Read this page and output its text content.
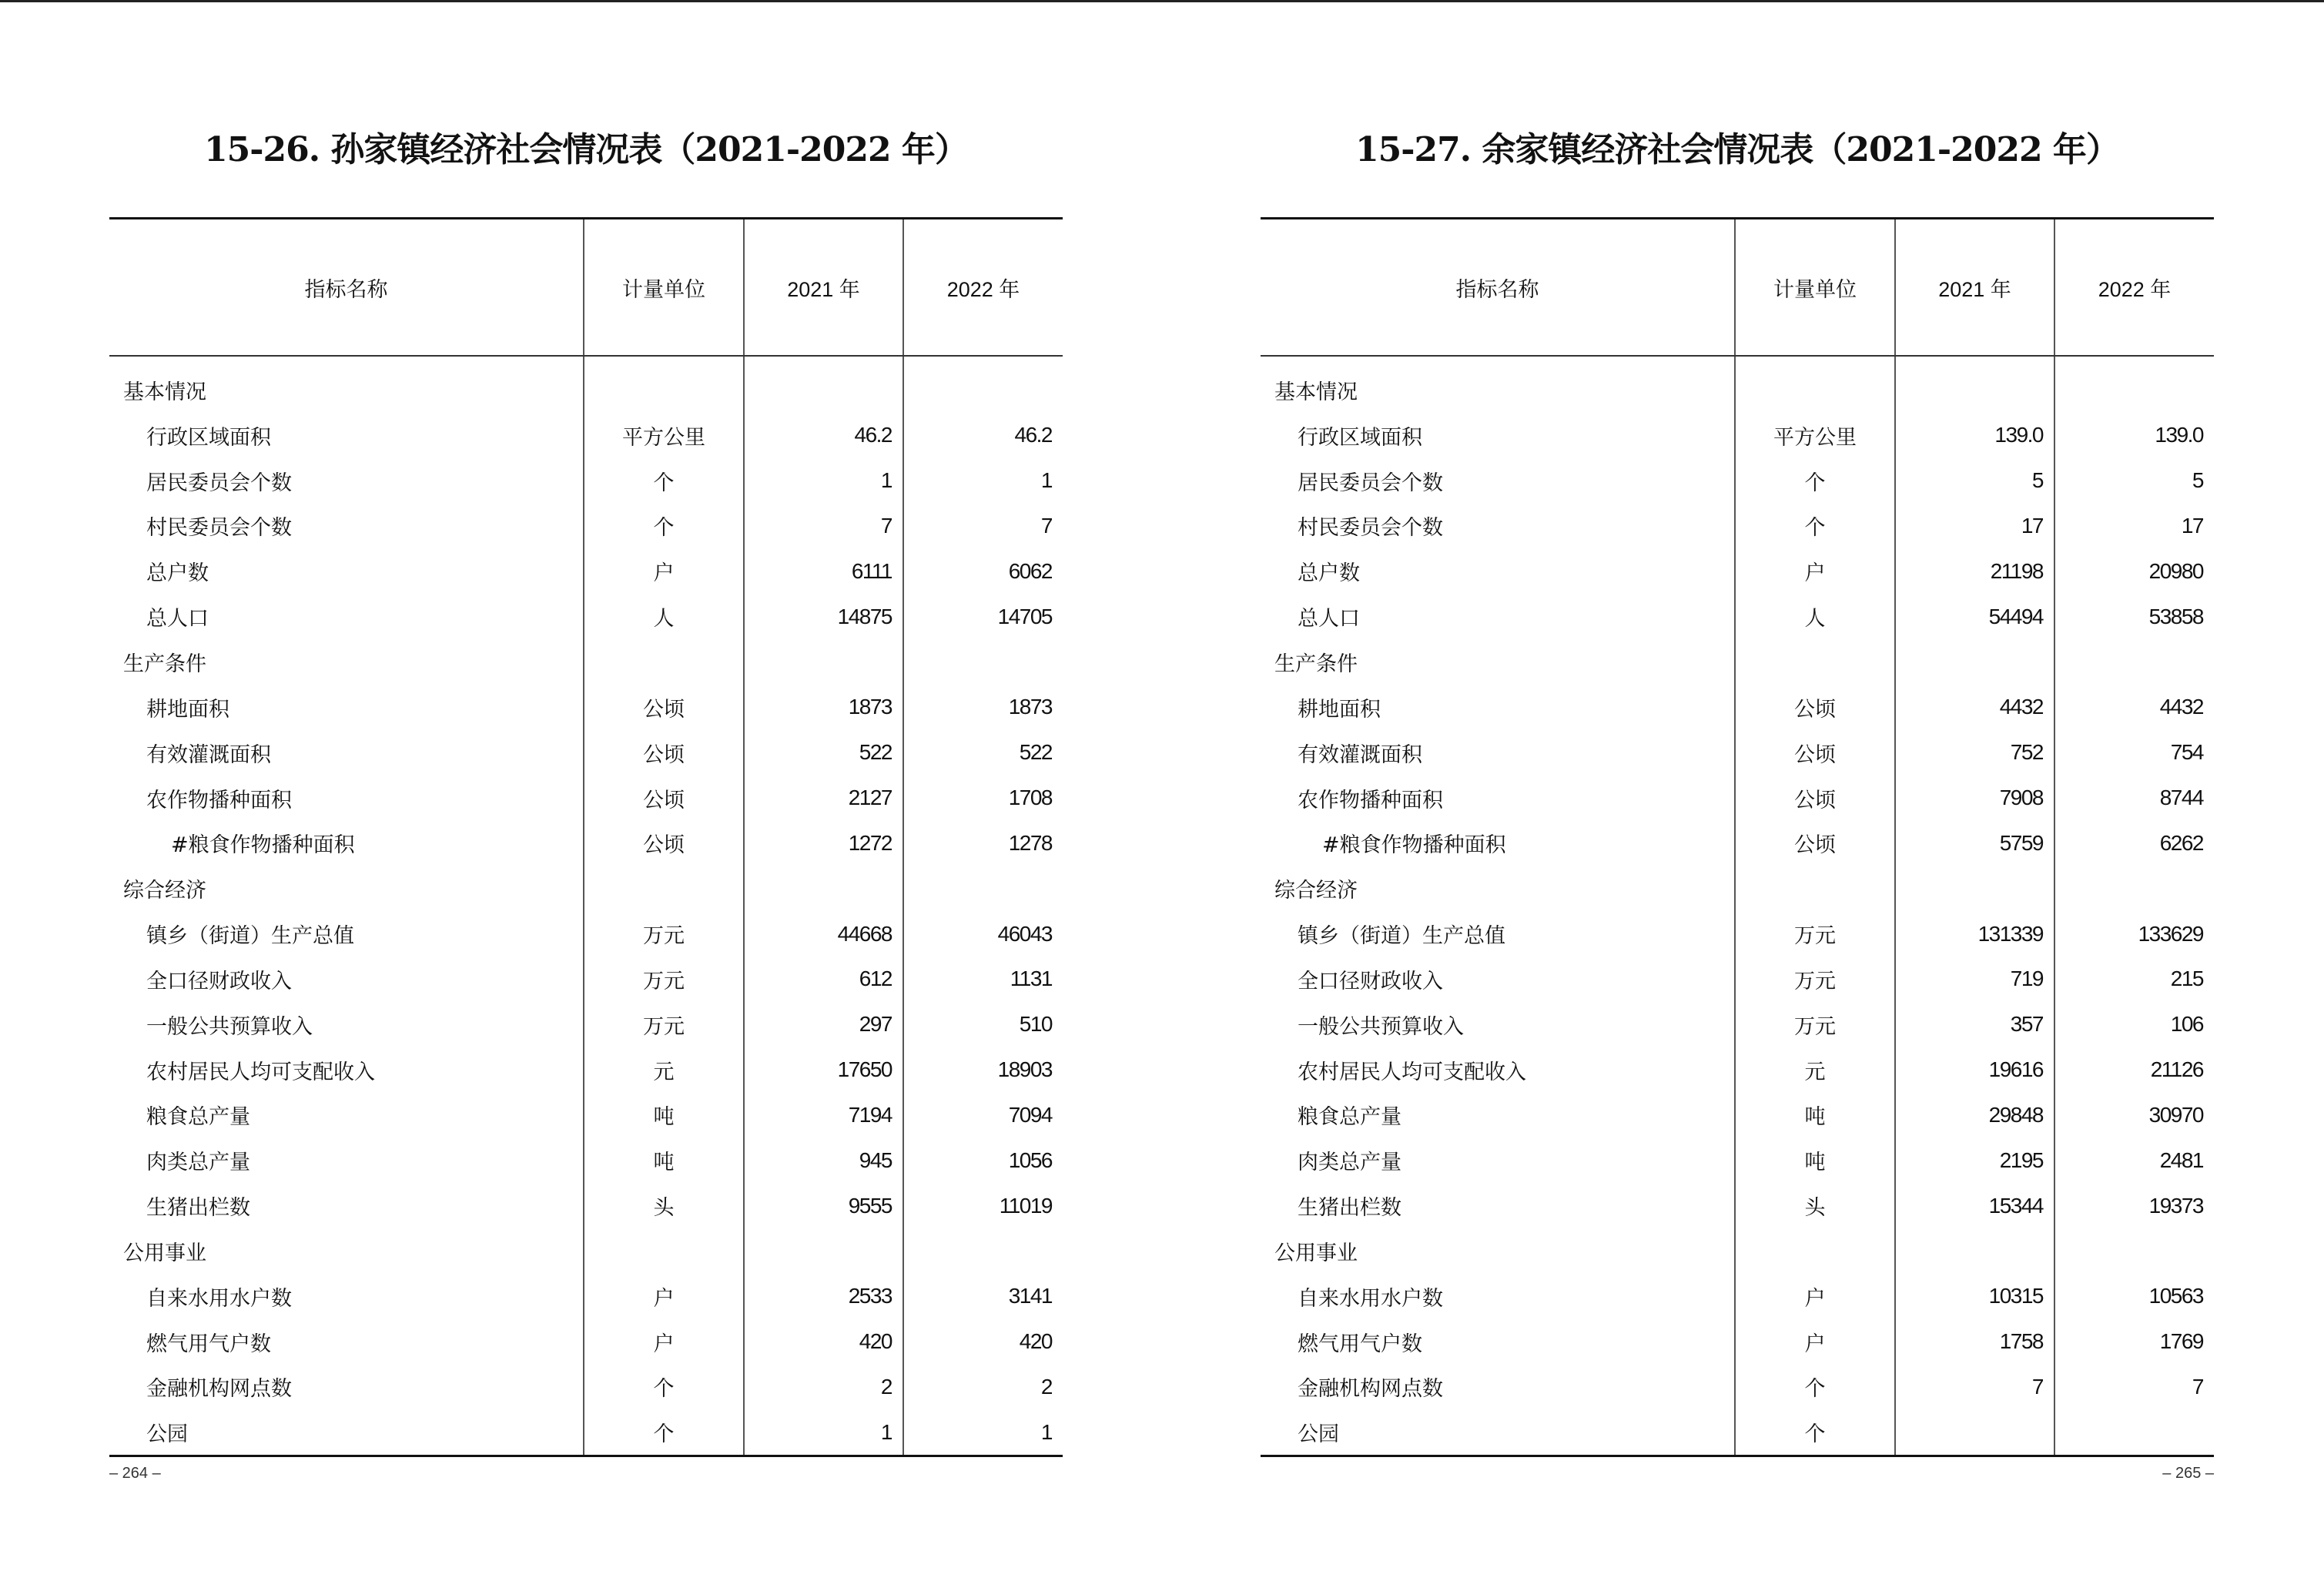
15-26. 孙家镇经济社会情况表（2021-2022 年）
指标名称	计量单位	2021 年	2022 年
基本情况			
行政区域面积	平方公里	46.2	46.2
居民委员会个数	个	1	1
村民委员会个数	个	7	7
总户数	户	6111	6062
总人口	人	14875	14705
生产条件			
耕地面积	公顷	1873	1873
有效灌溉面积	公顷	522	522
农作物播种面积	公顷	2127	1708
#粮食作物播种面积	公顷	1272	1278
综合经济			
镇乡（街道）生产总值	万元	44668	46043
全口径财政收入	万元	612	1131
一般公共预算收入	万元	297	510
农村居民人均可支配收入	元	17650	18903
粮食总产量	吨	7194	7094
肉类总产量	吨	945	1056
生猪出栏数	头	9555	11019
公用事业			
自来水用水户数	户	2533	3141
燃气用气户数	户	420	420
金融机构网点数	个	2	2
公园	个	1	1
– 264 –
15-27. 余家镇经济社会情况表（2021-2022 年）
指标名称	计量单位	2021 年	2022 年
基本情况			
行政区域面积	平方公里	139.0	139.0
居民委员会个数	个	5	5
村民委员会个数	个	17	17
总户数	户	21198	20980
总人口	人	54494	53858
生产条件			
耕地面积	公顷	4432	4432
有效灌溉面积	公顷	752	754
农作物播种面积	公顷	7908	8744
#粮食作物播种面积	公顷	5759	6262
综合经济			
镇乡（街道）生产总值	万元	131339	133629
全口径财政收入	万元	719	215
一般公共预算收入	万元	357	106
农村居民人均可支配收入	元	19616	21126
粮食总产量	吨	29848	30970
肉类总产量	吨	2195	2481
生猪出栏数	头	15344	19373
公用事业			
自来水用水户数	户	10315	10563
燃气用气户数	户	1758	1769
金融机构网点数	个	7	7
公园	个		
– 265 –
